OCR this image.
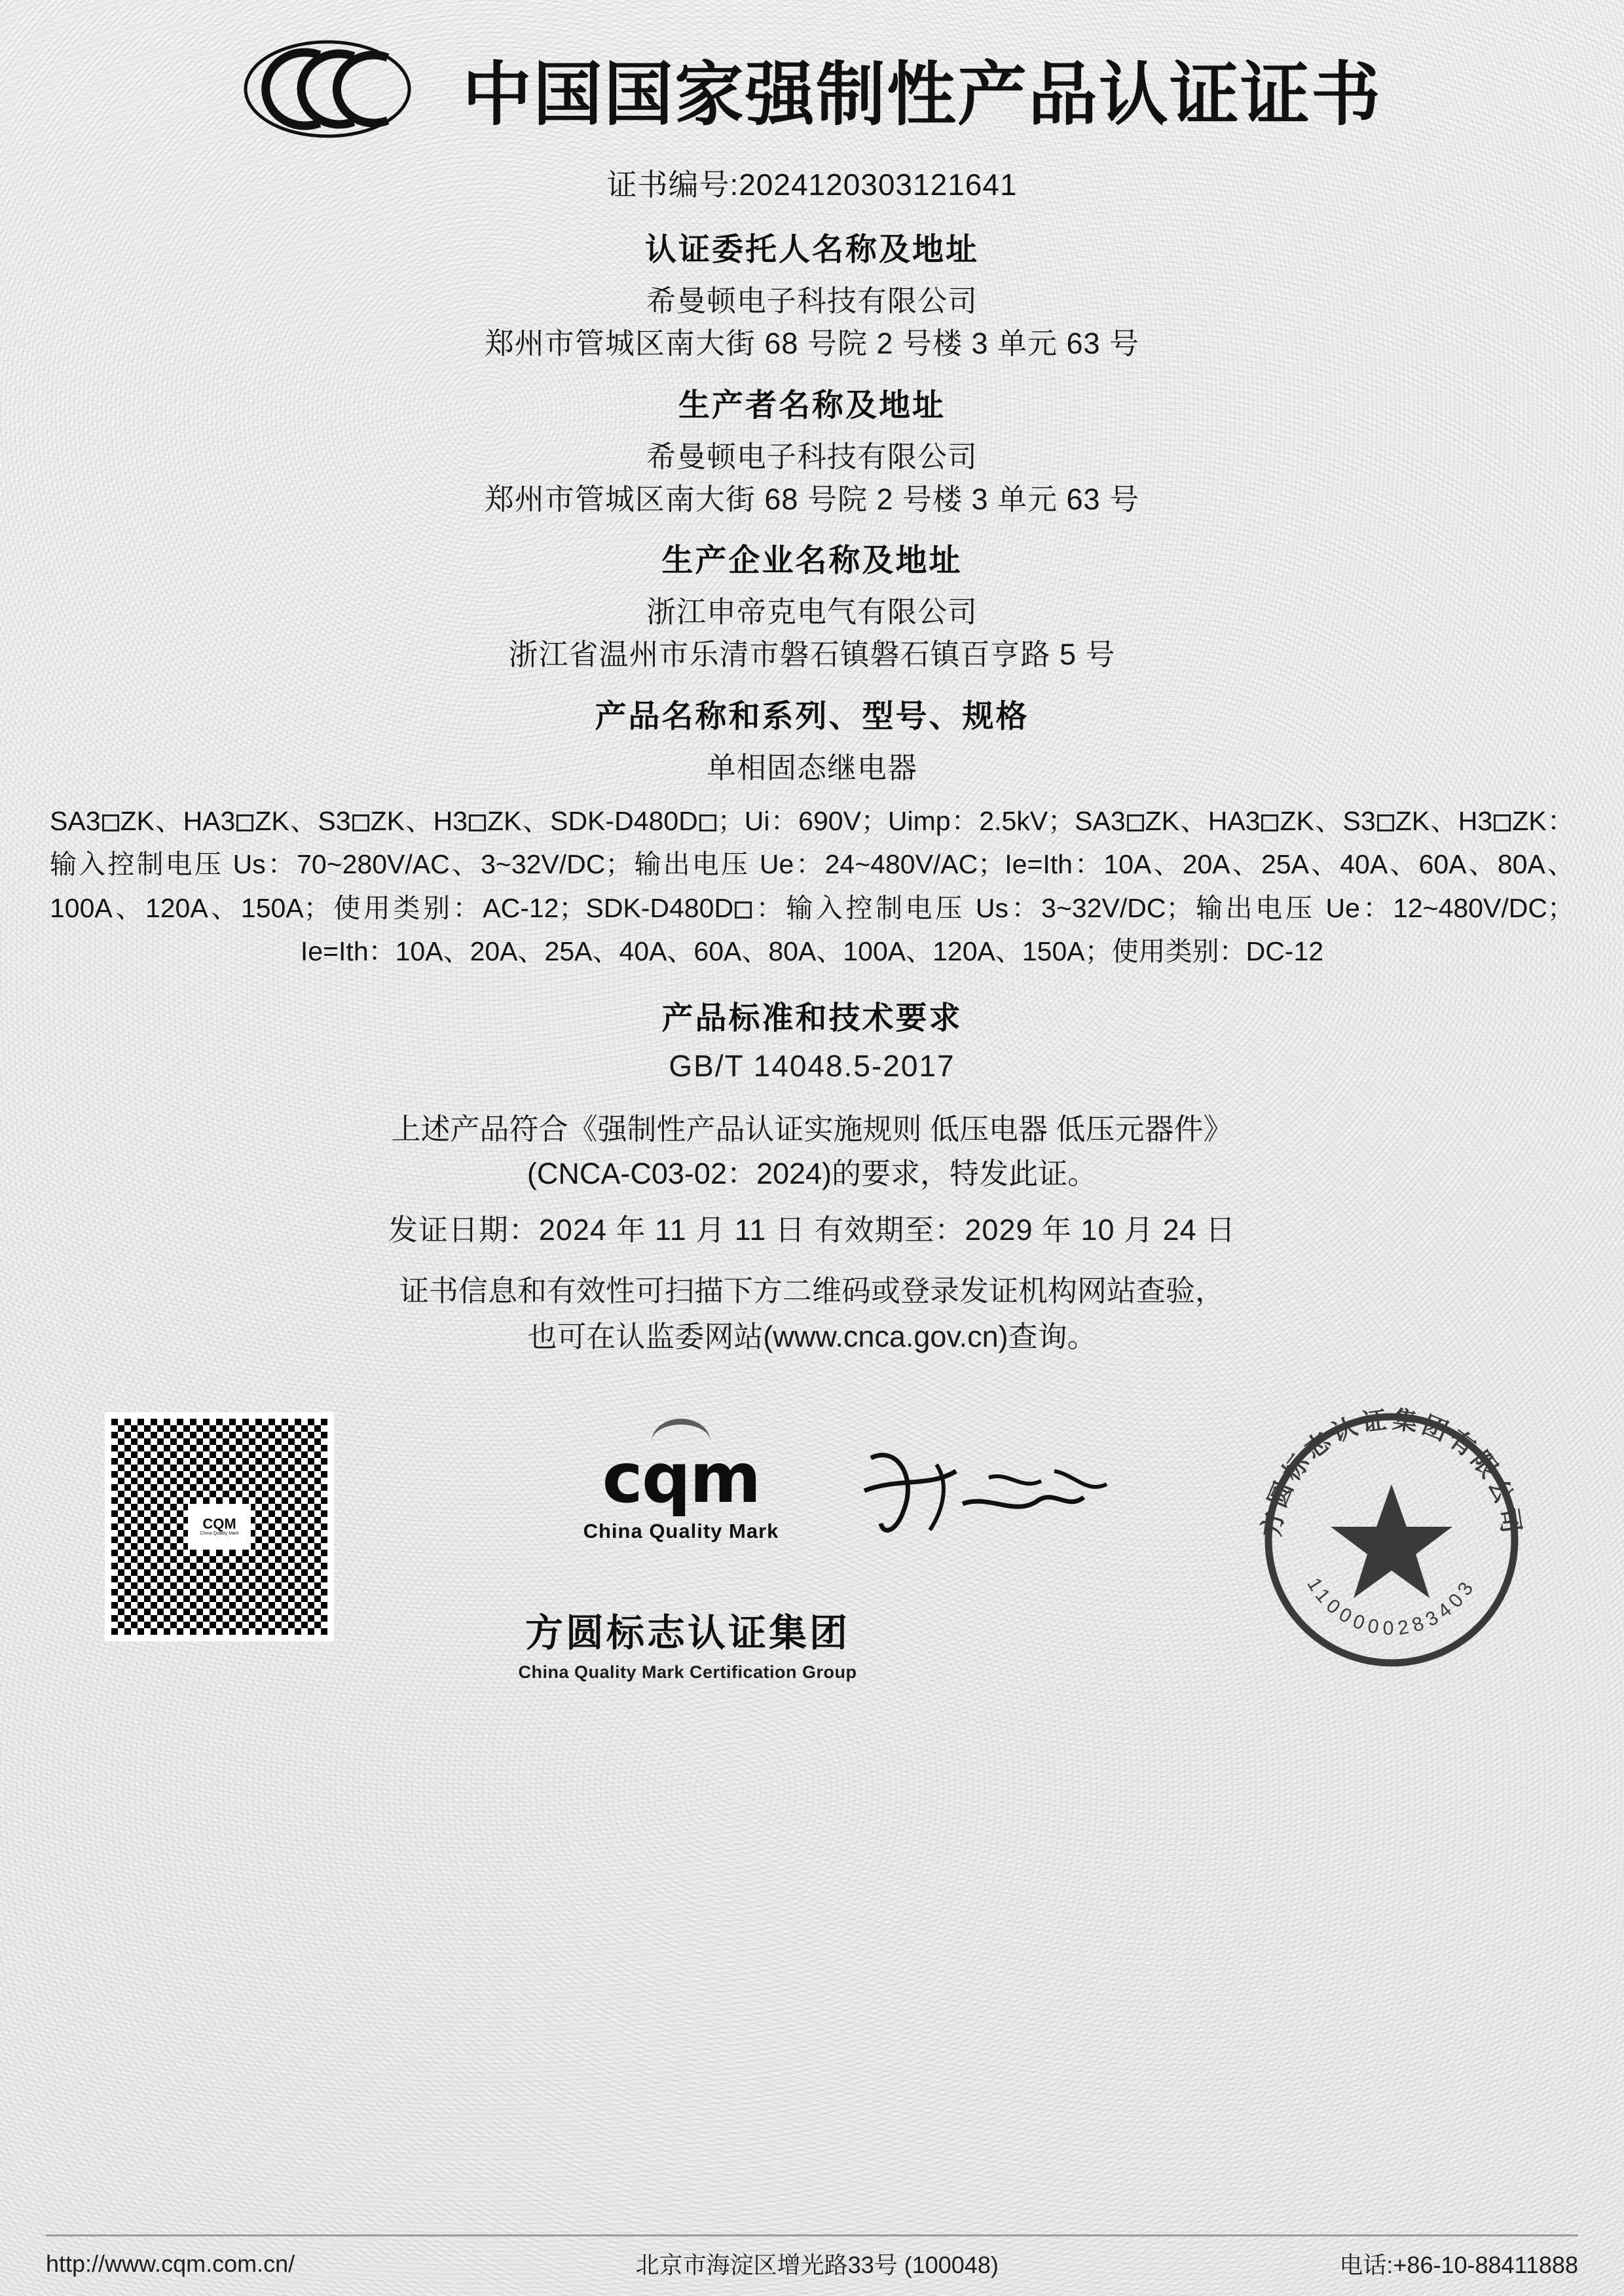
中国国家强制性产品认证证书
证书编号:2024120303121641
认证委托人名称及地址
希曼顿电子科技有限公司
郑州市管城区南大街 68 号院 2 号楼 3 单元 63 号
生产者名称及地址
希曼顿电子科技有限公司
郑州市管城区南大街 68 号院 2 号楼 3 单元 63 号
生产企业名称及地址
浙江申帝克电气有限公司
浙江省温州市乐清市磐石镇磐石镇百亨路 5 号
产品名称和系列、型号、规格
单相固态继电器
SA3 ZK、HA3 ZK、S3 ZK、H3 ZK、SDK-D480D ；Ui：690V；Uimp：2.5kV；SA3 ZK、HA3 ZK、S3 ZK、H3 ZK：输入控制电压 Us：70~280V/AC、3~32V/DC；输出电压 Ue：24~480V/AC；Ie=Ith：10A、20A、25A、40A、60A、80A、100A、120A、150A；使用类别：AC-12；SDK-D480D ：输入控制电压 Us：3~32V/DC；输出电压 Ue：12~480V/DC；Ie=Ith：10A、20A、25A、40A、60A、80A、100A、120A、150A；使用类别：DC-12
产品标准和技术要求
GB/T 14048.5-2017
上述产品符合《强制性产品认证实施规则 低压电器 低压元器件》
(CNCA-C03-02：2024)的要求，特发此证。
发证日期：2024 年 11 月 11 日 有效期至：2029 年 10 月 24 日
证书信息和有效性可扫描下方二维码或登录发证机构网站查验，
也可在认监委网站(www.cnca.gov.cn)查询。
CQM
China Quality Mark
cqm
China Quality Mark
方圆标志认证集团
China Quality Mark Certification Group
方圆标志认证集团有限公司
1100000283403
http://www.cqm.com.cn/	北京市海淀区增光路33号 (100048)	电话:+86-10-88411888
